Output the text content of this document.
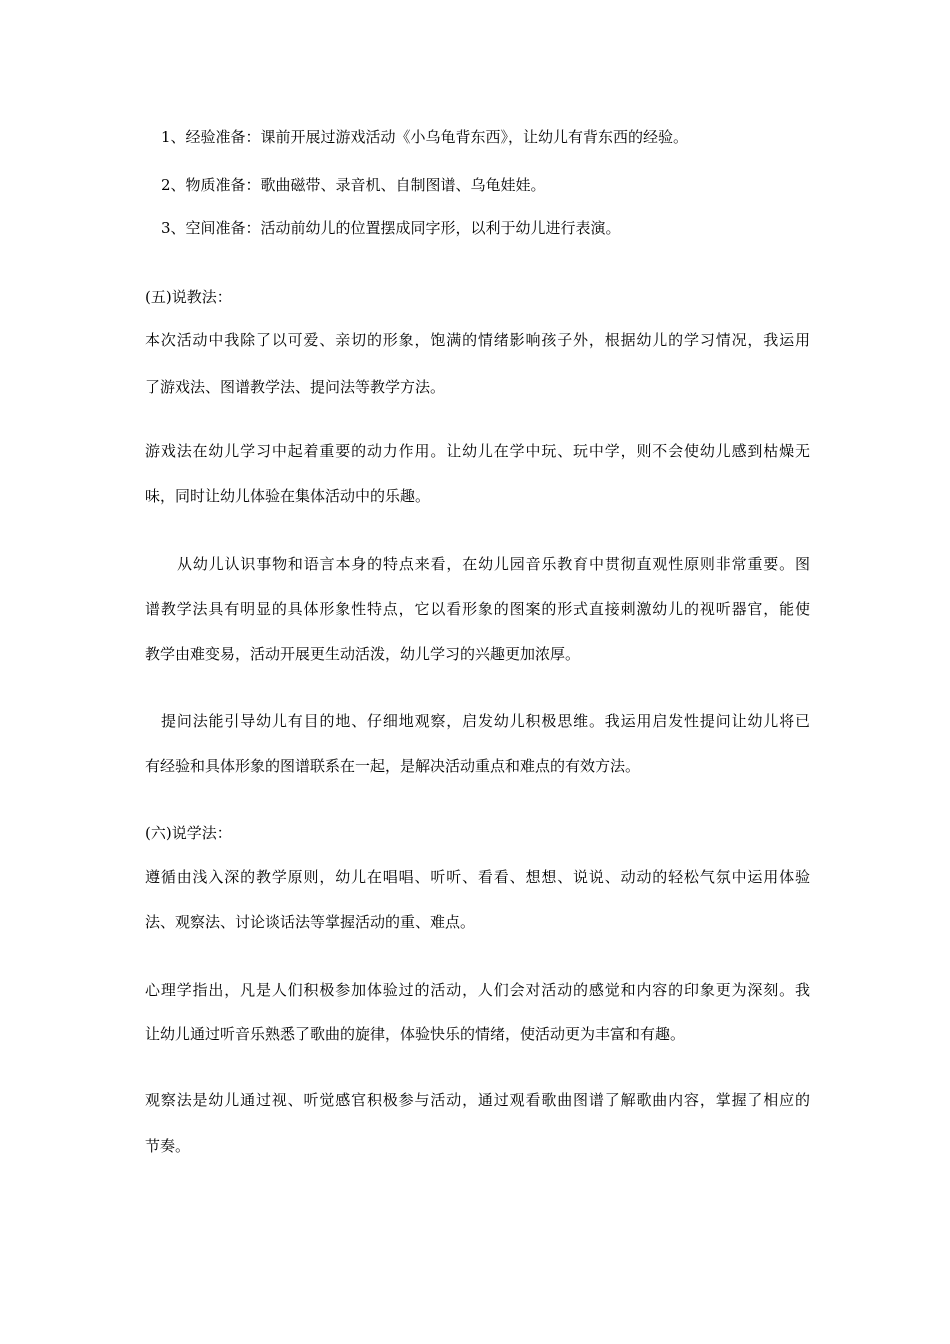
1、经验准备：课前开展过游戏活动《小乌龟背东西》，让幼儿有背东西的经验。
2、物质准备：歌曲磁带、录音机、自制图谱、乌龟娃娃。
3、空间准备：活动前幼儿的位置摆成同字形，以利于幼儿进行表演。
(五)说教法：
本次活动中我除了以可爱、亲切的形象，饱满的情绪影响孩子外，根据幼儿的学习情况，我运用
了游戏法、图谱教学法、提问法等教学方法。
游戏法在幼儿学习中起着重要的动力作用。让幼儿在学中玩、玩中学，则不会使幼儿感到枯燥无
味，同时让幼儿体验在集体活动中的乐趣。
从幼儿认识事物和语言本身的特点来看，在幼儿园音乐教育中贯彻直观性原则非常重要。图
谱教学法具有明显的具体形象性特点，它以看形象的图案的形式直接刺激幼儿的视听器官，能使
教学由难变易，活动开展更生动活泼，幼儿学习的兴趣更加浓厚。
提问法能引导幼儿有目的地、仔细地观察，启发幼儿积极思维。我运用启发性提问让幼儿将已
有经验和具体形象的图谱联系在一起，是解决活动重点和难点的有效方法。
(六)说学法：
遵循由浅入深的教学原则，幼儿在唱唱、听听、看看、想想、说说、动动的轻松气氛中运用体验
法、观察法、讨论谈话法等掌握活动的重、难点。
心理学指出，凡是人们积极参加体验过的活动，人们会对活动的感觉和内容的印象更为深刻。我
让幼儿通过听音乐熟悉了歌曲的旋律，体验快乐的情绪，使活动更为丰富和有趣。
观察法是幼儿通过视、听觉感官积极参与活动，通过观看歌曲图谱了解歌曲内容，掌握了相应的
节奏。
